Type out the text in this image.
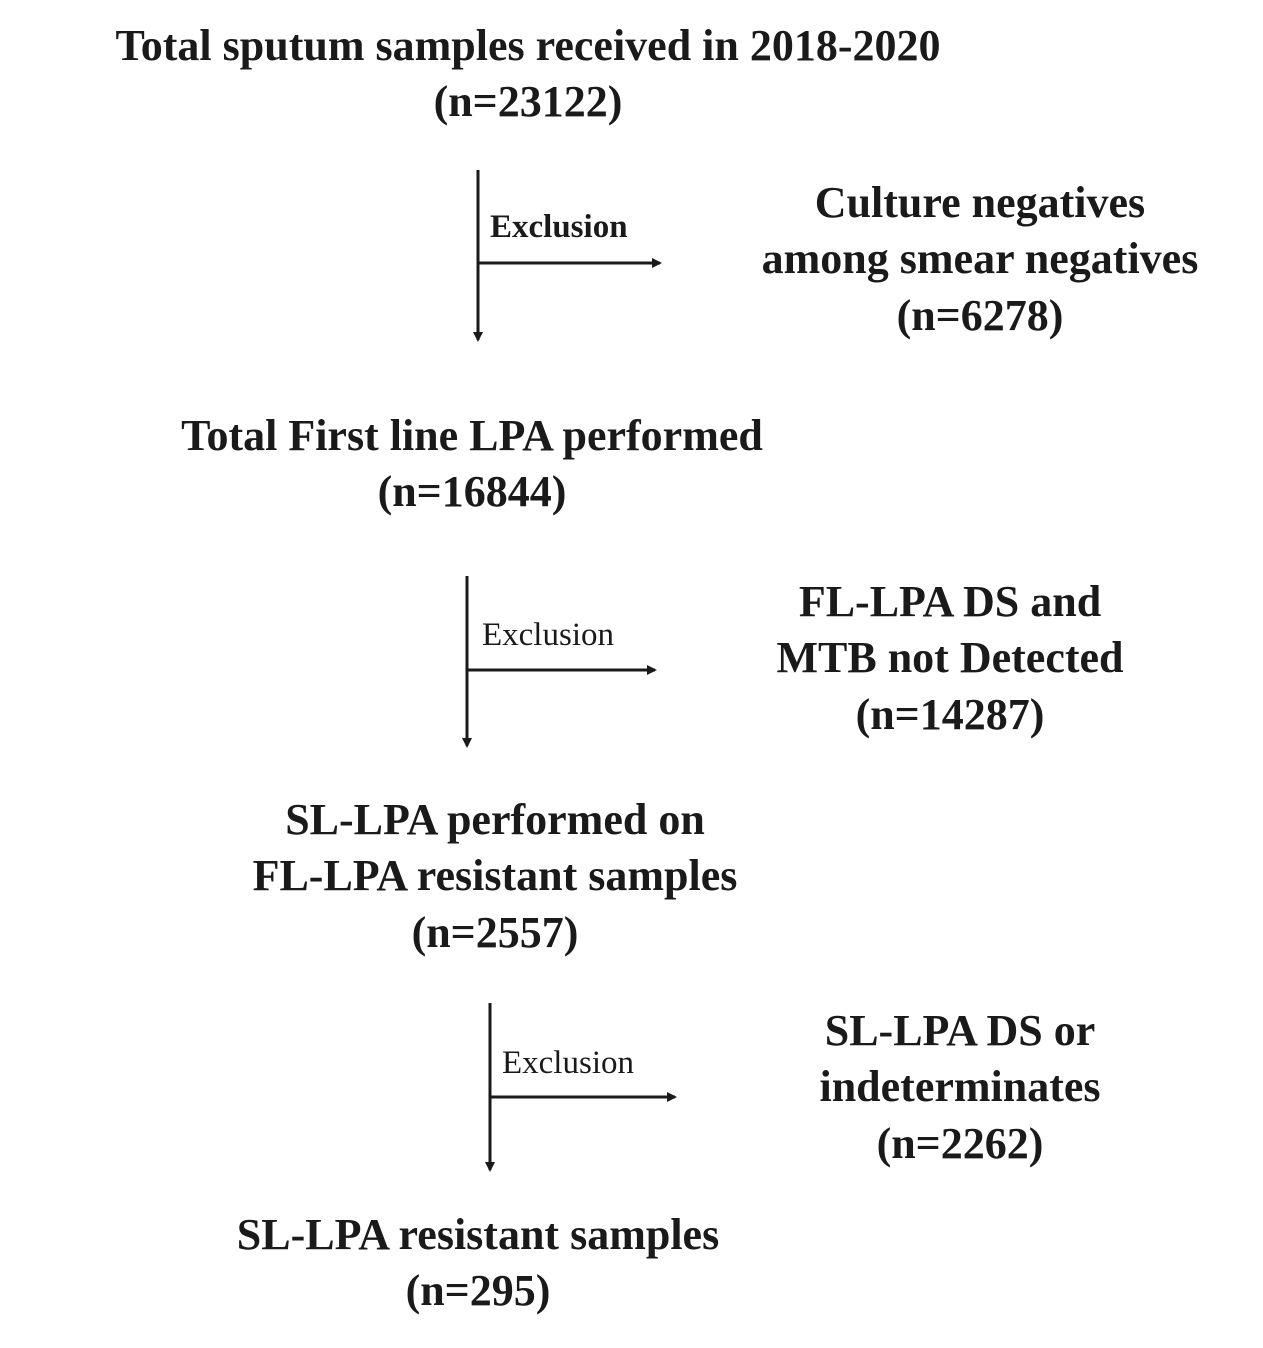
Total sputum samples received in 2018-2020
(n=23122)
Total First line LPA performed
(n=16844)
SL-LPA performed on
FL-LPA resistant samples
(n=2557)
SL-LPA resistant samples
(n=295)
Exclusion
Exclusion
Exclusion
Culture negatives
among smear negatives
(n=6278)
FL-LPA DS and
MTB not Detected
(n=14287)
SL-LPA DS or
indeterminates
(n=2262)
